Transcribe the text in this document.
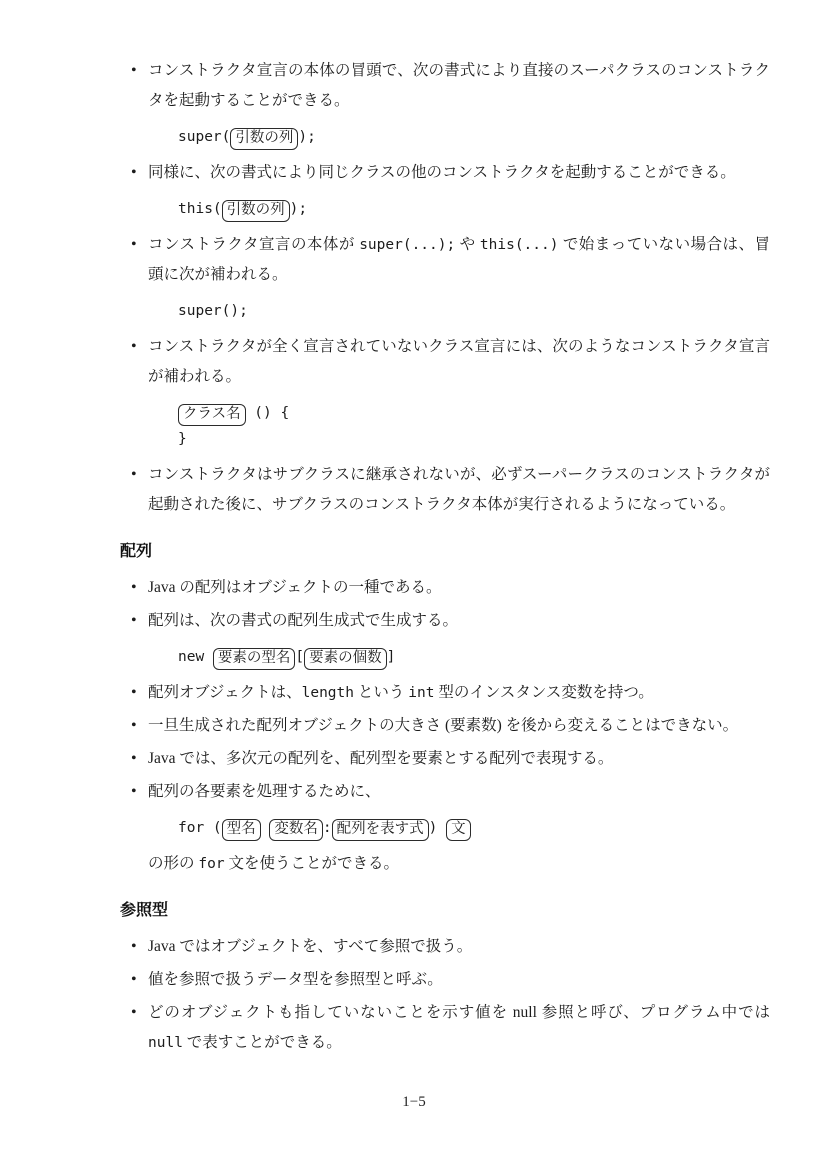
• コンストラクタ宣言の本体の冒頭で、次の書式により直接のスーパクラスのコンストラクタを起動することができる。
super( 引数の列 );
• 同様に、次の書式により同じクラスの他のコンストラクタを起動することができる。
this( 引数の列 );
• コンストラクタ宣言の本体が super(...); や this(...) で始まっていない場合は、冒頭に次が補われる。
super();
• コンストラクタが全く宣言されていないクラス宣言には、次のようなコンストラクタ宣言が補われる。
クラス名 () {
}
• コンストラクタはサブクラスに継承されないが、必ずスーパークラスのコンストラクタが起動された後に、サブクラスのコンストラクタ本体が実行されるようになっている。
配列
• Java の配列はオブジェクトの一種である。
• 配列は、次の書式の配列生成式で生成する。
new 要素の型名 [ 要素の個数 ]
• 配列オブジェクトは、length という int 型のインスタンス変数を持つ。
• 一旦生成された配列オブジェクトの大きさ (要素数) を後から変えることはできない。
• Java では、多次元の配列を、配列型を要素とする配列で表現する。
• 配列の各要素を処理するために、
for ( 型名 変数名 : 配列を表す式 ) 文
の形の for 文を使うことができる。
参照型
• Java ではオブジェクトを、すべて参照で扱う。
• 値を参照で扱うデータ型を参照型と呼ぶ。
• どのオブジェクトも指していないことを示す値を null 参照と呼び、プログラム中では null で表すことができる。
1−5
